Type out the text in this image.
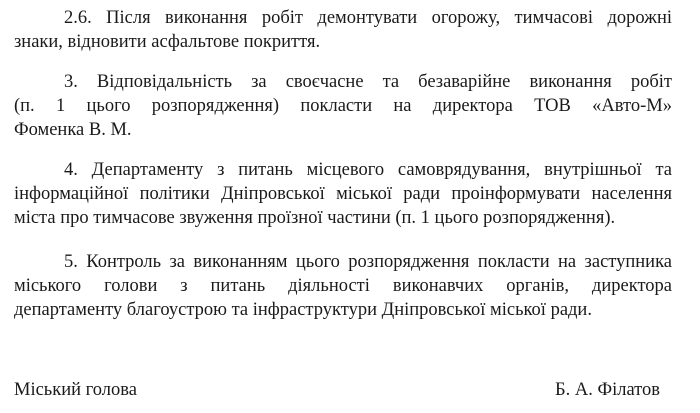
2.6. Після виконання робіт демонтувати огорожу, тимчасові дорожні
знаки, відновити асфальтове покриття.
3. Відповідальність за своєчасне та безаварійне виконання робіт
(п. 1 цього розпорядження) покласти на директора ТОВ «Авто-М»
Фоменка В. М.
4. Департаменту з питань місцевого самоврядування, внутрішньої та
інформаційної політики Дніпровської міської ради проінформувати населення
міста про тимчасове звуження проїзної частини (п. 1 цього розпорядження).
5. Контроль за виконанням цього розпорядження покласти на заступника
міського голови з питань діяльності виконавчих органів, директора
департаменту благоустрою та інфраструктури Дніпровської міської ради.
Міський голова	Б. А. Філатов
